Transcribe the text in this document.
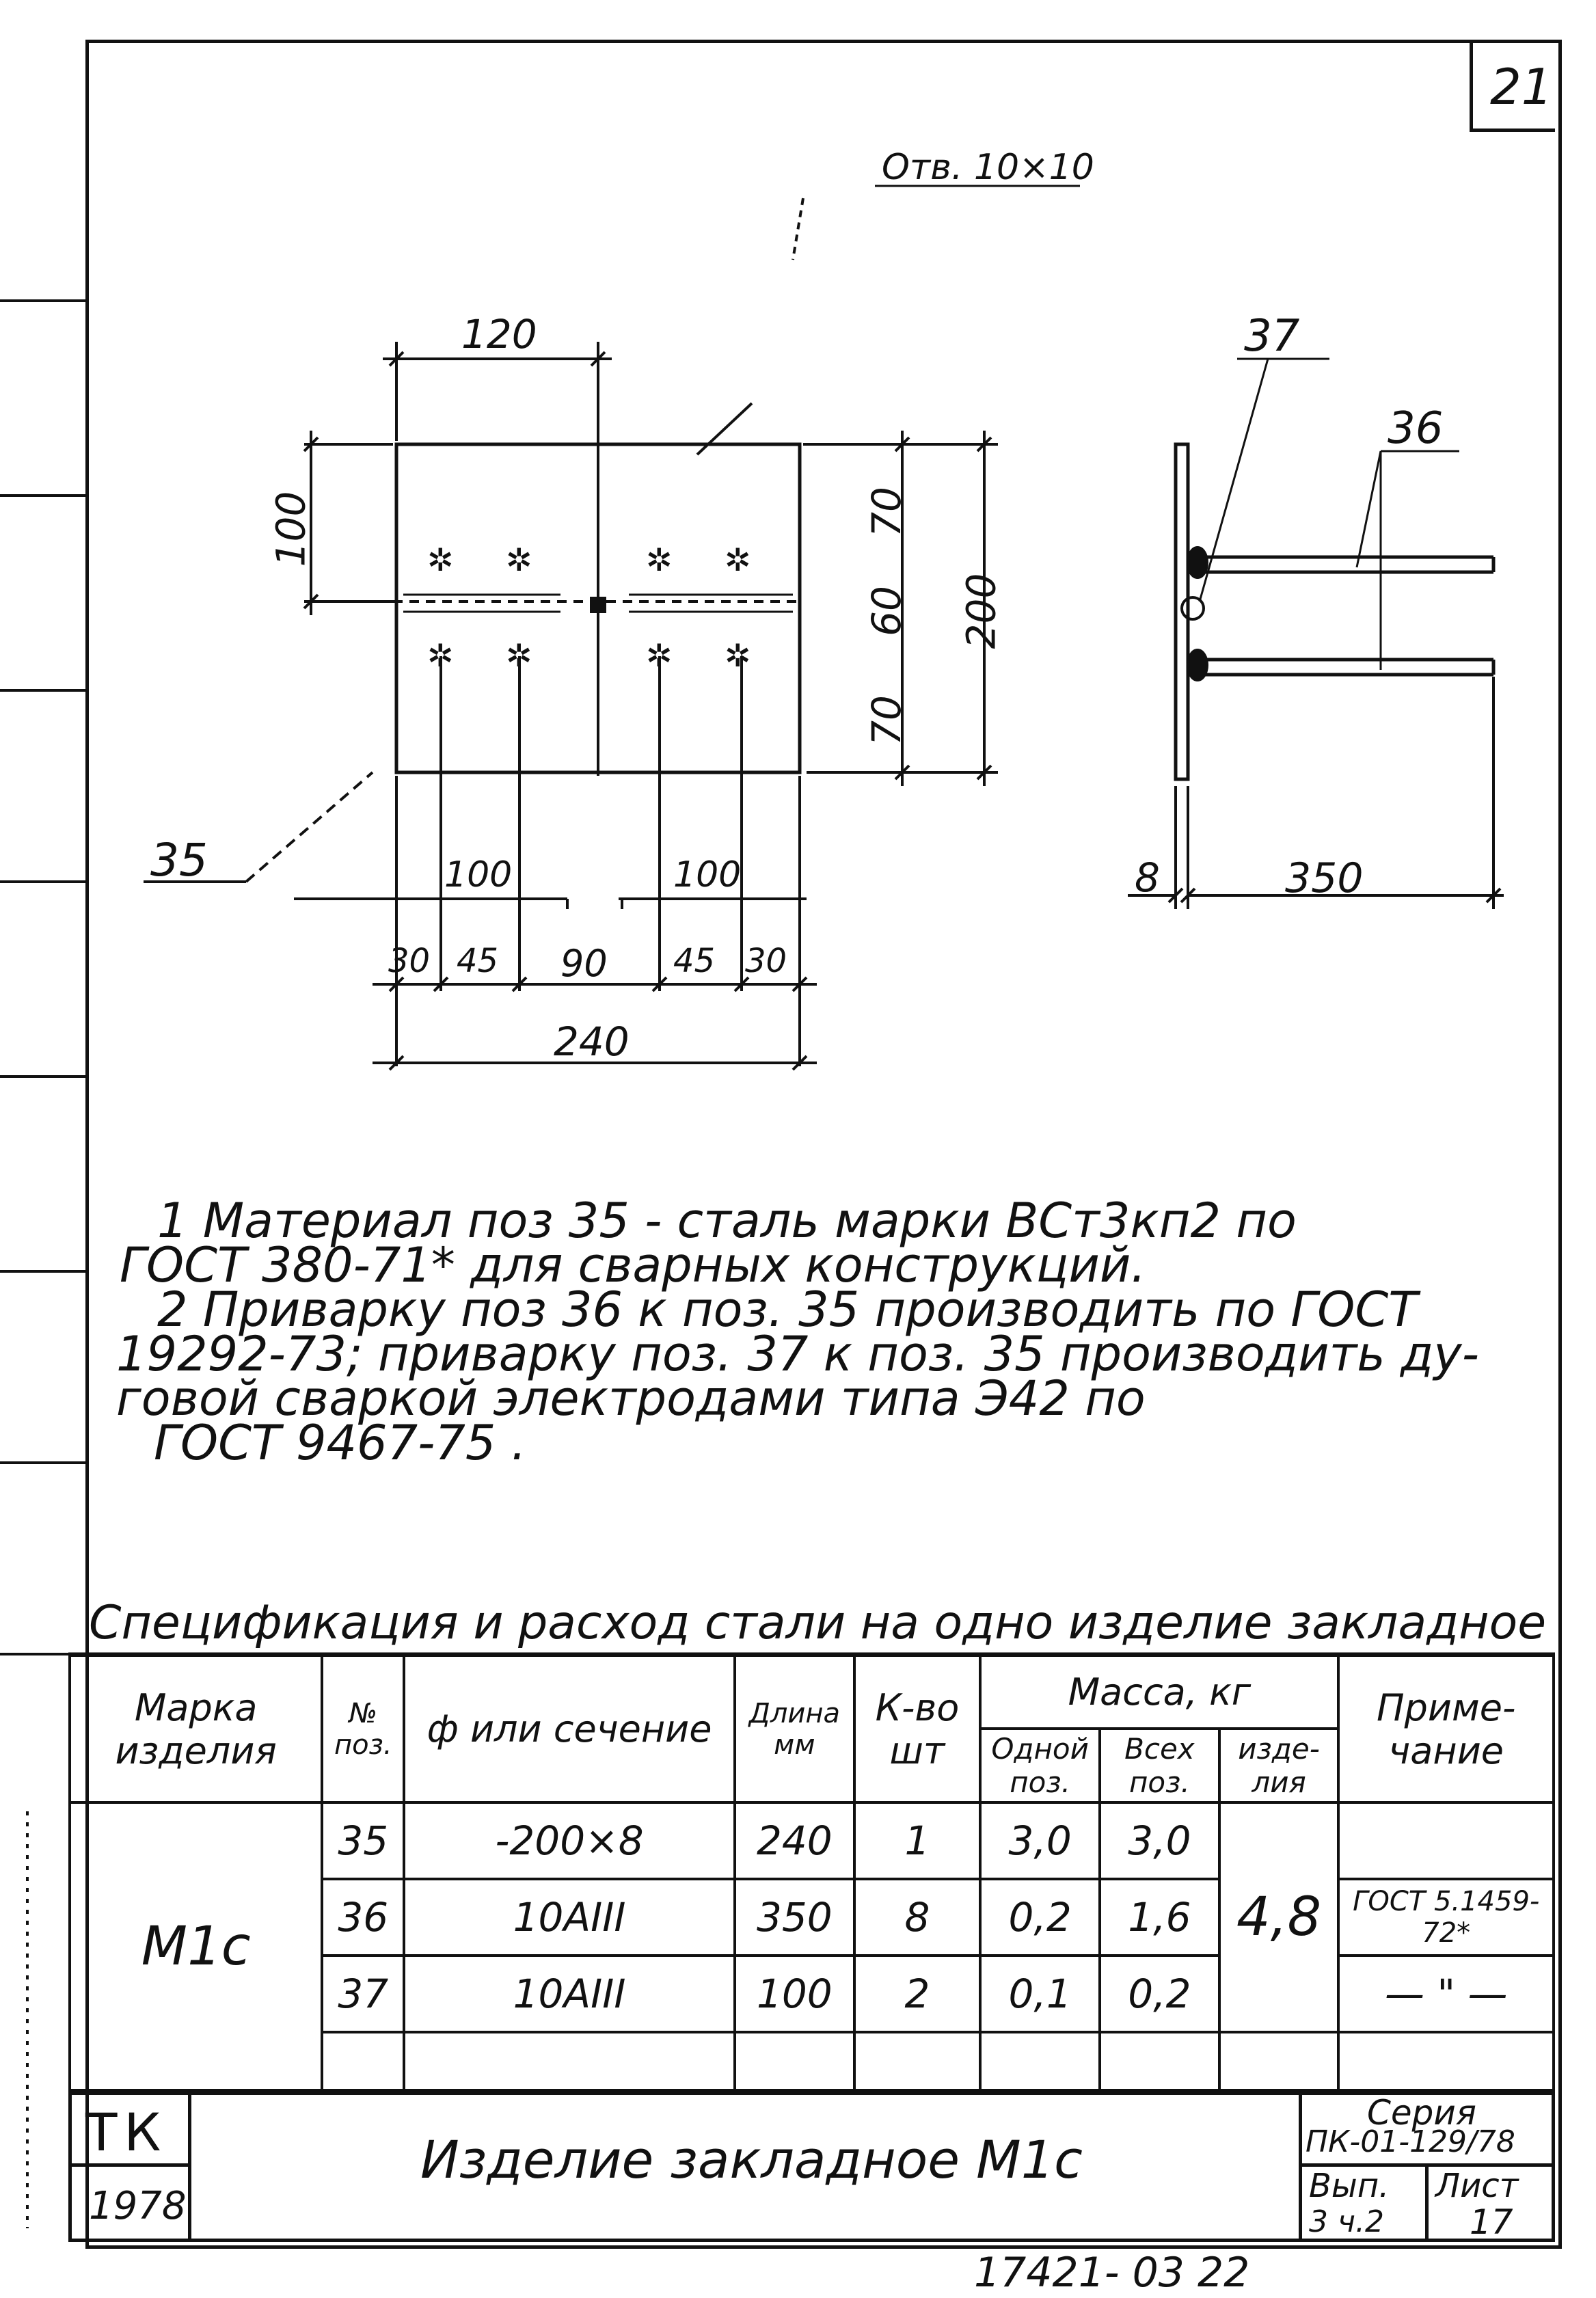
21
✲ ✲	✲ ✲
✲ ✲	✲ ✲
Отв. 10×10
120
100	70
60
70
200
100	100
30 45 90 45 30
240
35
37
36
8	350
1 Материал поз 35 - сталь марки ВСт3кп2 по
ГОСТ 380-71* для сварных конструкций.
2 Приварку поз 36 к поз. 35 производить по ГОСТ
19292-73; приварку поз. 37 к поз. 35 производить ду-
говой сваркой электродами типа Э42 по
ГОСТ 9467-75 .
Спецификация и расход стали на одно изделие закладное
Марка изделия	№ поз.	ф или сечение	Длина мм	К-во шт	Масса, кг			Приме-чание
					Одной поз.	Всех поз.	изде-лия	
М1с	35	-200×8	240	1	3,0	3,0	4,8	
	36	10АIII	350	8	0,2	1,6		ГОСТ 5.1459-72*
	37	10АIII	100	2	0,1	0,2		— " —

ТК
1978
Изделие закладное М1с
Серия
ПК-01-129/78
Вып.
3 ч.2
Лист
17
17421- 03 22
